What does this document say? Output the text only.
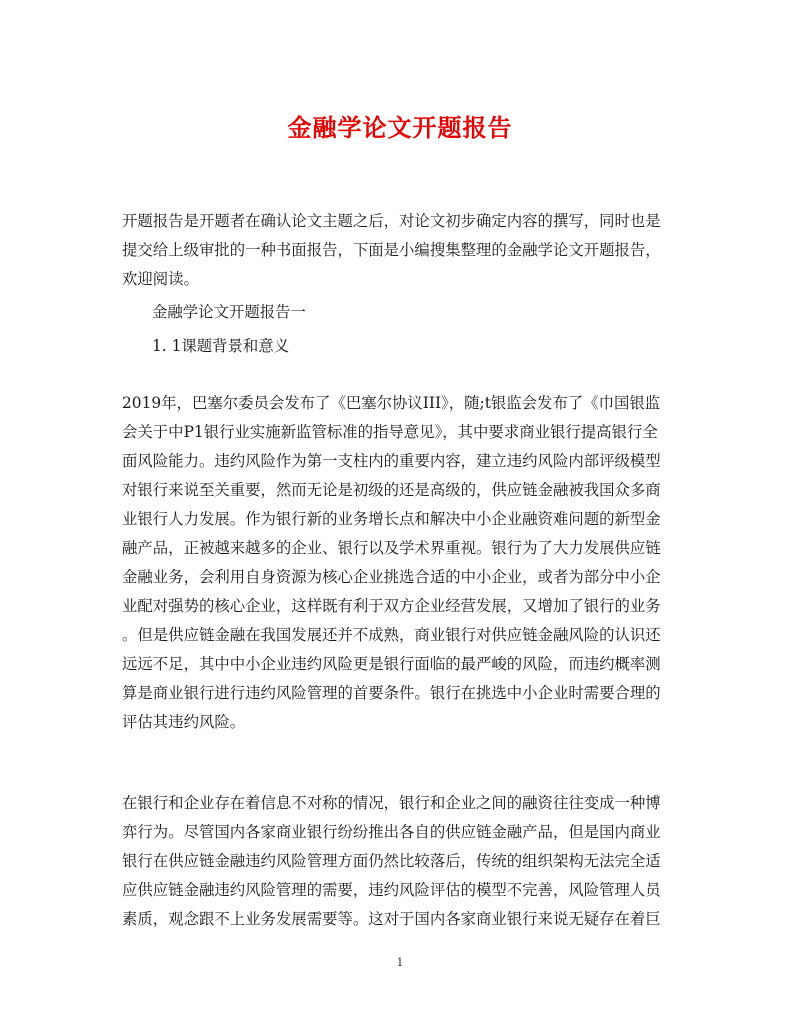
金融学论文开题报告
开题报告是开题者在确认论文主题之后，对论文初步确定内容的撰写，同时也是
提交给上级审批的一种书面报告，下面是小编搜集整理的金融学论文开题报告，
欢迎阅读。
金融学论文开题报告一
1. 1课题背景和意义
2019年，巴塞尔委员会发布了《巴塞尔协议III》，随;t银监会发布了《巾国银监
会关于中P1银行业实施新监管标准的指导意见》，其中要求商业银行提高银行全
面风险能力。违约风险作为第一支柱内的重要内容，建立违约风险内部评级模型
对银行来说至关重要，然而无论是初级的还是高级的，供应链金融被我国众多商
业银行人力发展。作为银行新的业务增长点和解决中小企业融资难问题的新型金
融产品，正被越来越多的企业、银行以及学术界重视。银行为了大力发展供应链
金融业务，会利用自身资源为核心企业挑选合适的中小企业，或者为部分中小企
业配对强势的核心企业，这样既有利于双方企业经营发展，又增加了银行的业务
。但是供应链金融在我国发展还并不成熟，商业银行对供应链金融风险的认识还
远远不足，其中中小企业违约风险更是银行面临的最严峻的风险，而违约概率测
算是商业银行进行违约风险管理的首要条件。银行在挑选中小企业时需要合理的
评估其违约风险。
在银行和企业存在着信息不对称的情况，银行和企业之间的融资往往变成一种博
弈行为。尽管国内各家商业银行纷纷推出各自的供应链金融产品，但是国内商业
银行在供应链金融违约风险管理方面仍然比较落后，传统的组织架构无法完全适
应供应链金融违约风险管理的需要，违约风险评估的模型不完善，风险管理人员
素质，观念跟不上业务发展需要等。这对于国内各家商业银行来说无疑存在着巨
1
